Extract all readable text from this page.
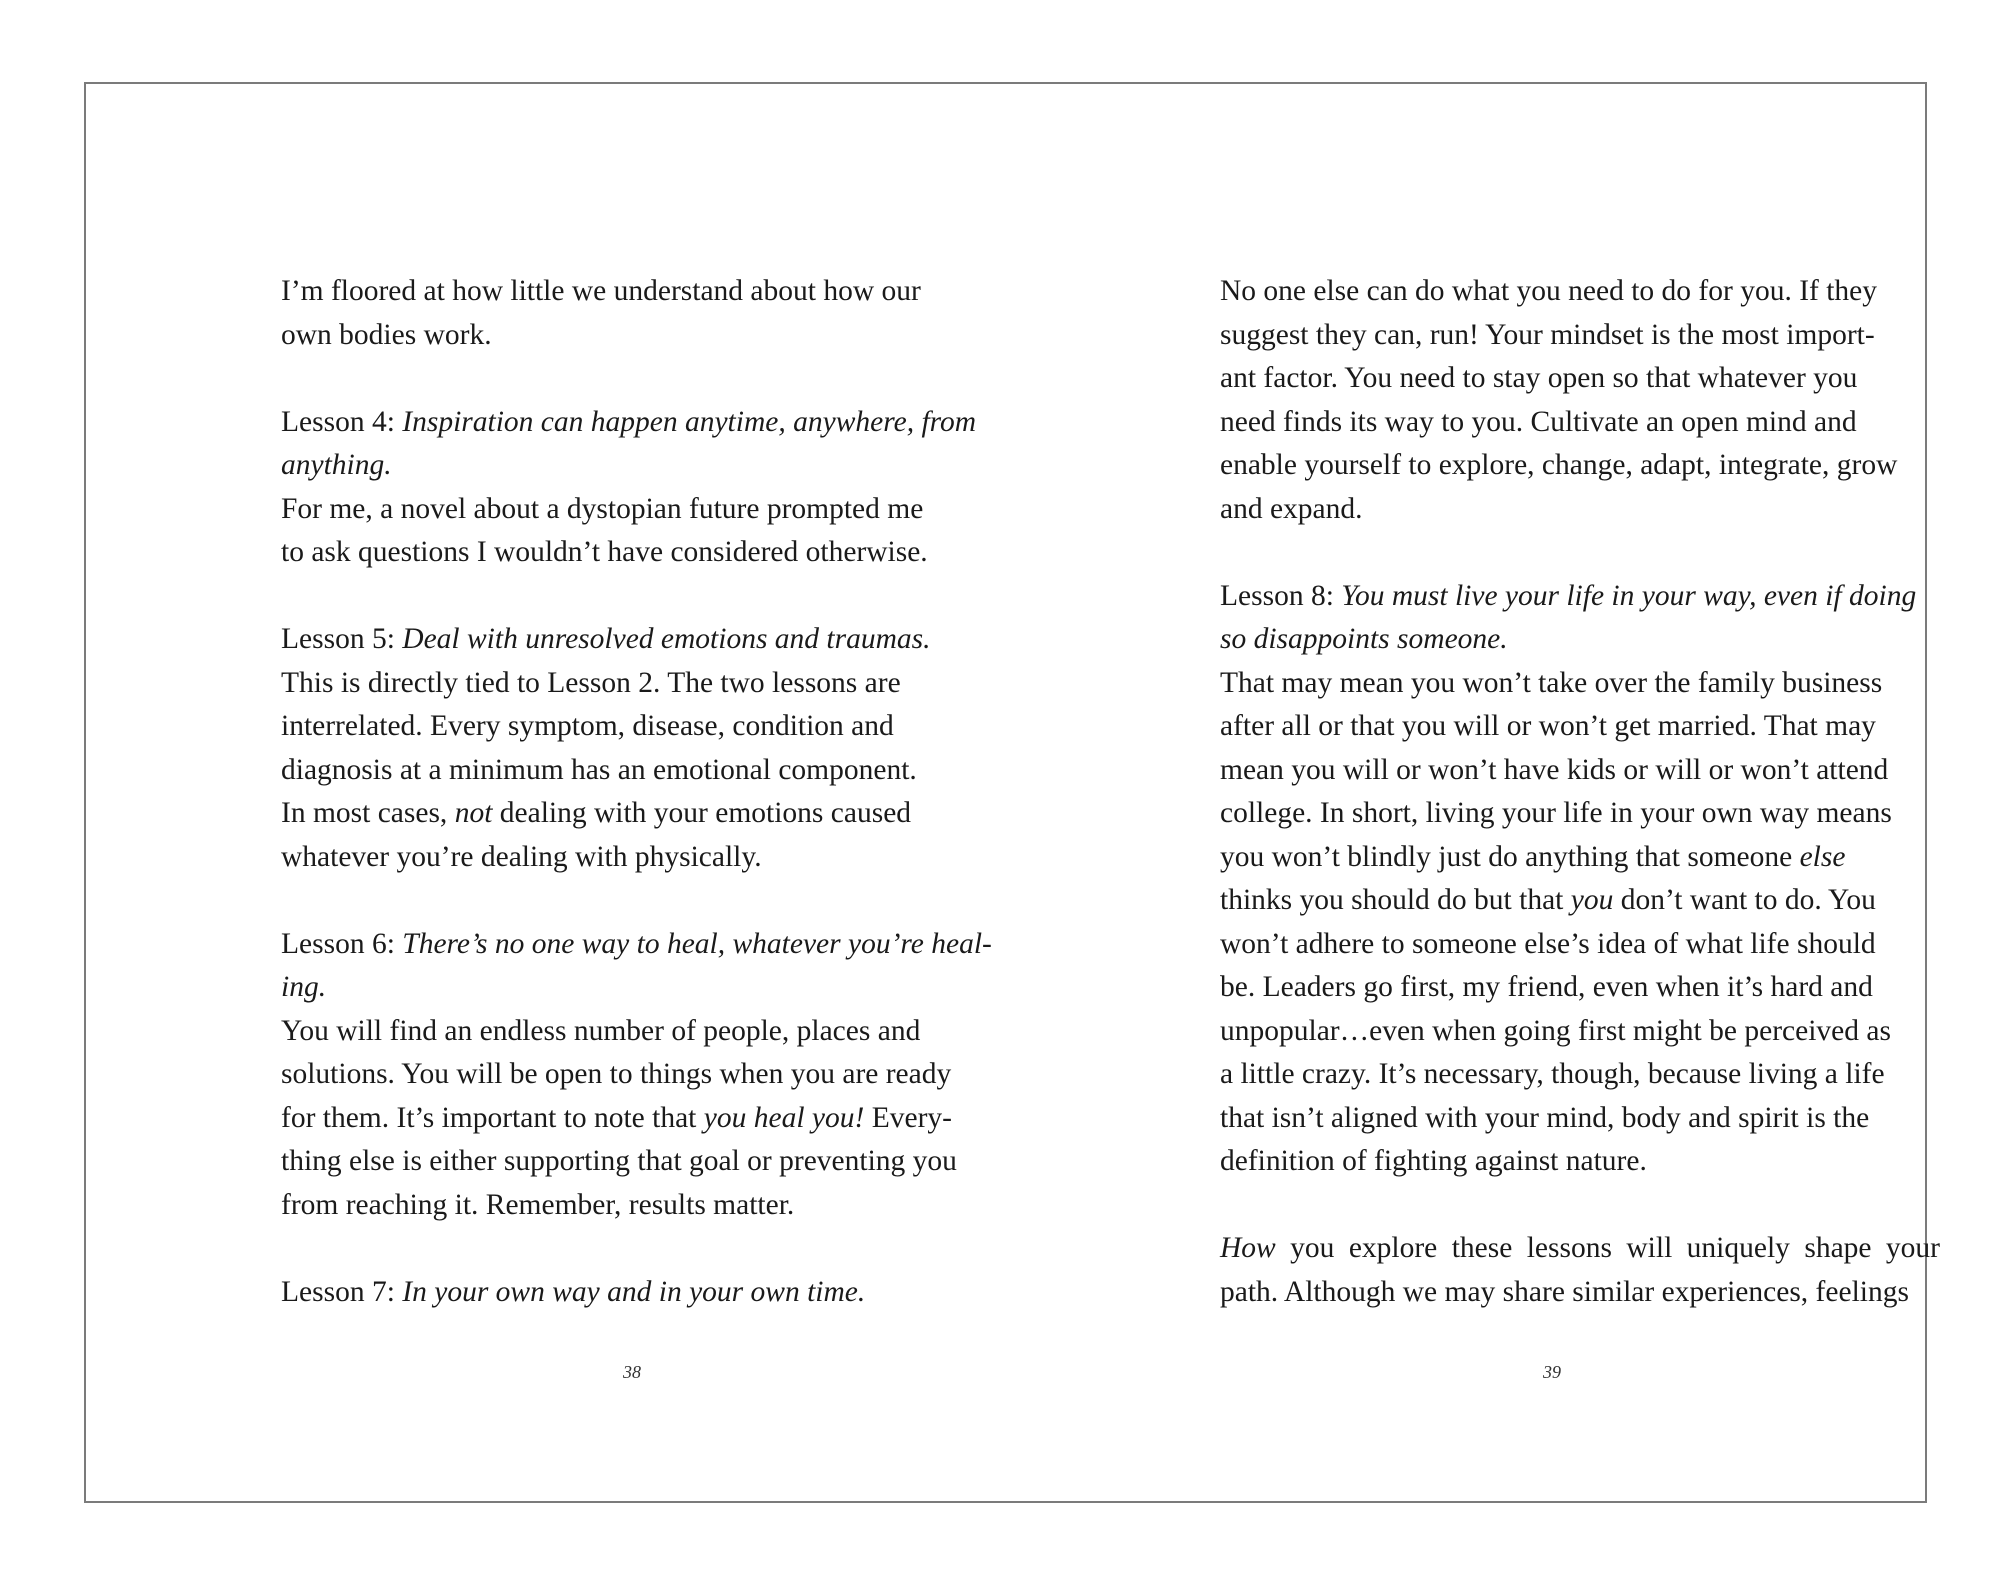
I’m floored at how little we understand about how our

own bodies work.

Lesson 4: Inspiration can happen anytime, anywhere, from

anything.

For me, a novel about a dystopian future prompted me

to ask questions I wouldn’t have considered otherwise.

Lesson 5: Deal with unresolved emotions and traumas.

This is directly tied to Lesson 2. The two lessons are

interrelated. Every symptom, disease, condition and

diagnosis at a minimum has an emotional component.

In most cases, not dealing with your emotions caused

whatever you’re dealing with physically.

Lesson 6: There’s no one way to heal, whatever you’re heal-

ing.

You will find an endless number of people, places and

solutions. You will be open to things when you are ready

for them. It’s important to note that you heal you! Every-

thing else is either supporting that goal or preventing you

from reaching it. Remember, results matter.

Lesson 7: In your own way and in your own time.

No one else can do what you need to do for you. If they

suggest they can, run! Your mindset is the most import-

ant factor. You need to stay open so that whatever you

need finds its way to you. Cultivate an open mind and

enable yourself to explore, change, adapt, integrate, grow

and expand.

Lesson 8: You must live your life in your way, even if doing

so disappoints someone.

That may mean you won’t take over the family business

after all or that you will or won’t get married. That may

mean you will or won’t have kids or will or won’t attend

college. In short, living your life in your own way means

you won’t blindly just do anything that someone else

thinks you should do but that you don’t want to do. You

won’t adhere to someone else’s idea of what life should

be. Leaders go first, my friend, even when it’s hard and

unpopular…even when going first might be perceived as

a little crazy. It’s necessary, though, because living a life

that isn’t aligned with your mind, body and spirit is the

definition of fighting against nature.

How you explore these lessons will uniquely shape your

path. Although we may share similar experiences, feelings

38	39
